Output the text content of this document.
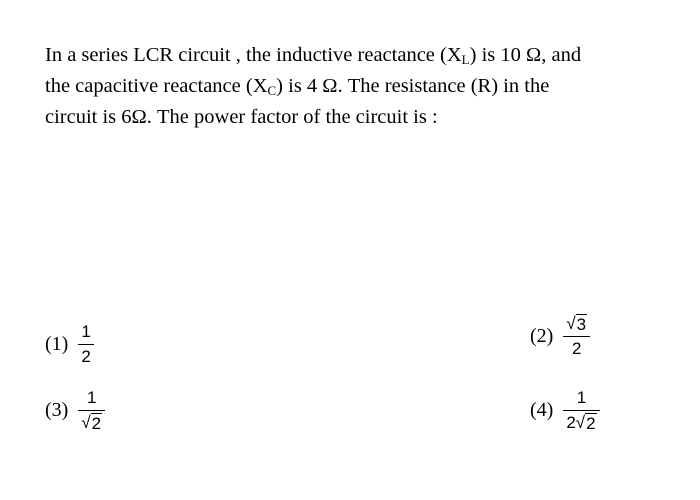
In a series LCR circuit , the inductive reactance $(X_L)$ is 10 Ω, and
the capacitive reactance $(X_C)$ is 4 Ω. The resistance (R) in the
circuit is 6Ω. The power factor of the circuit is :
$(1) \frac{1}{2}$	$(2) \frac{√ 3}{2}$
$(3) \frac{1}{√ 2}$	$(4) \frac{1}{2 √ 2}$
